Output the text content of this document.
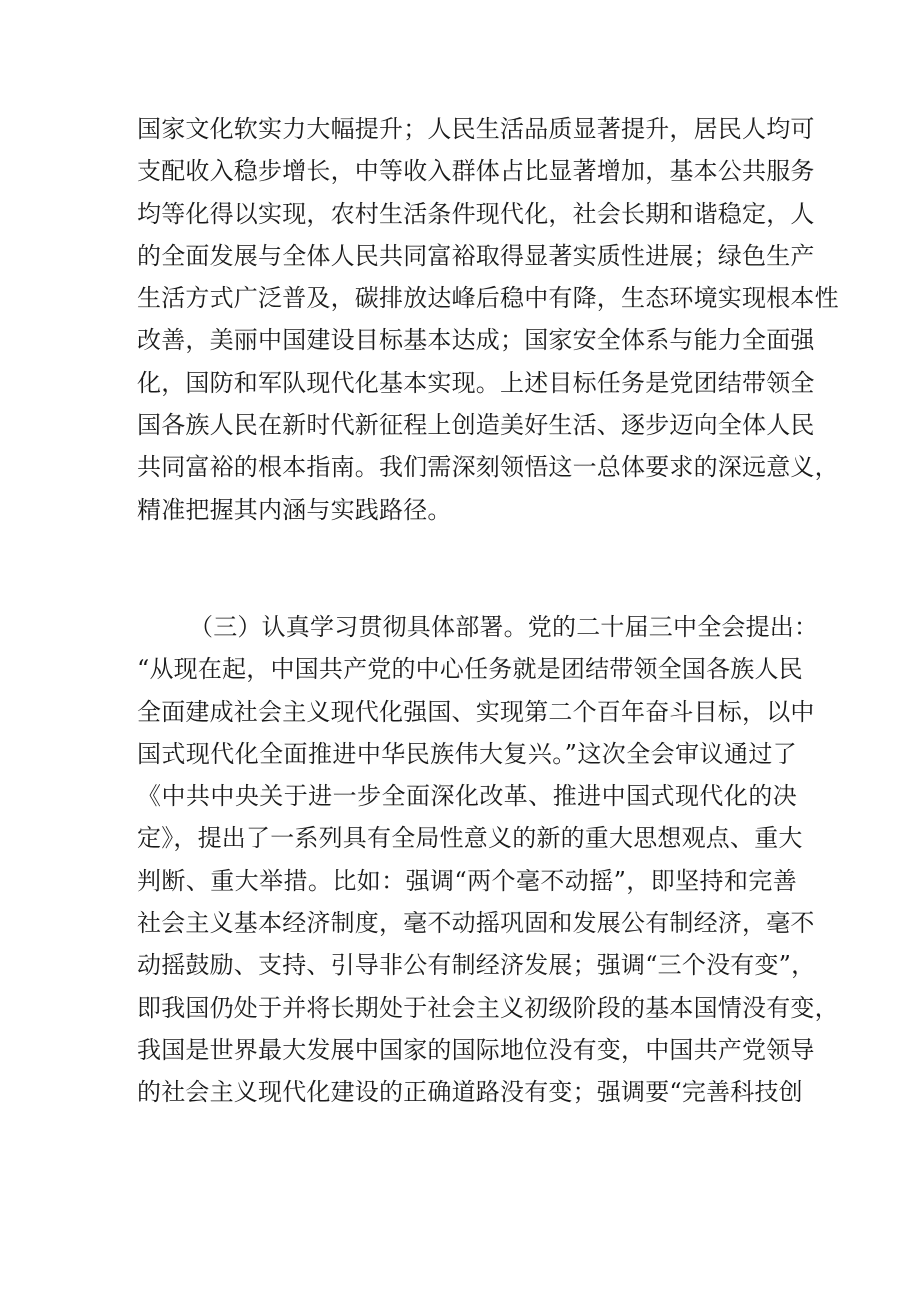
国家文化软实力大幅提升；人民生活品质显著提升，居民人均可
支配收入稳步增长，中等收入群体占比显著增加，基本公共服务
均等化得以实现，农村生活条件现代化，社会长期和谐稳定，人
的全面发展与全体人民共同富裕取得显著实质性进展；绿色生产
生活方式广泛普及，碳排放达峰后稳中有降，生态环境实现根本性
改善，美丽中国建设目标基本达成；国家安全体系与能力全面强
化，国防和军队现代化基本实现。上述目标任务是党团结带领全
国各族人民在新时代新征程上创造美好生活、逐步迈向全体人民
共同富裕的根本指南。我们需深刻领悟这一总体要求的深远意义，
精准把握其内涵与实践路径。
（三）认真学习贯彻具体部署。党的二十届三中全会提出：
“从现在起，中国共产党的中心任务就是团结带领全国各族人民
全面建成社会主义现代化强国、实现第二个百年奋斗目标，以中
国式现代化全面推进中华民族伟大复兴。”这次全会审议通过了
《中共中央关于进一步全面深化改革、推进中国式现代化的决
定》，提出了一系列具有全局性意义的新的重大思想观点、重大
判断、重大举措。比如：强调“两个毫不动摇”，即坚持和完善
社会主义基本经济制度，毫不动摇巩固和发展公有制经济，毫不
动摇鼓励、支持、引导非公有制经济发展；强调“三个没有变”，
即我国仍处于并将长期处于社会主义初级阶段的基本国情没有变，
我国是世界最大发展中国家的国际地位没有变，中国共产党领导
的社会主义现代化建设的正确道路没有变；强调要“完善科技创
